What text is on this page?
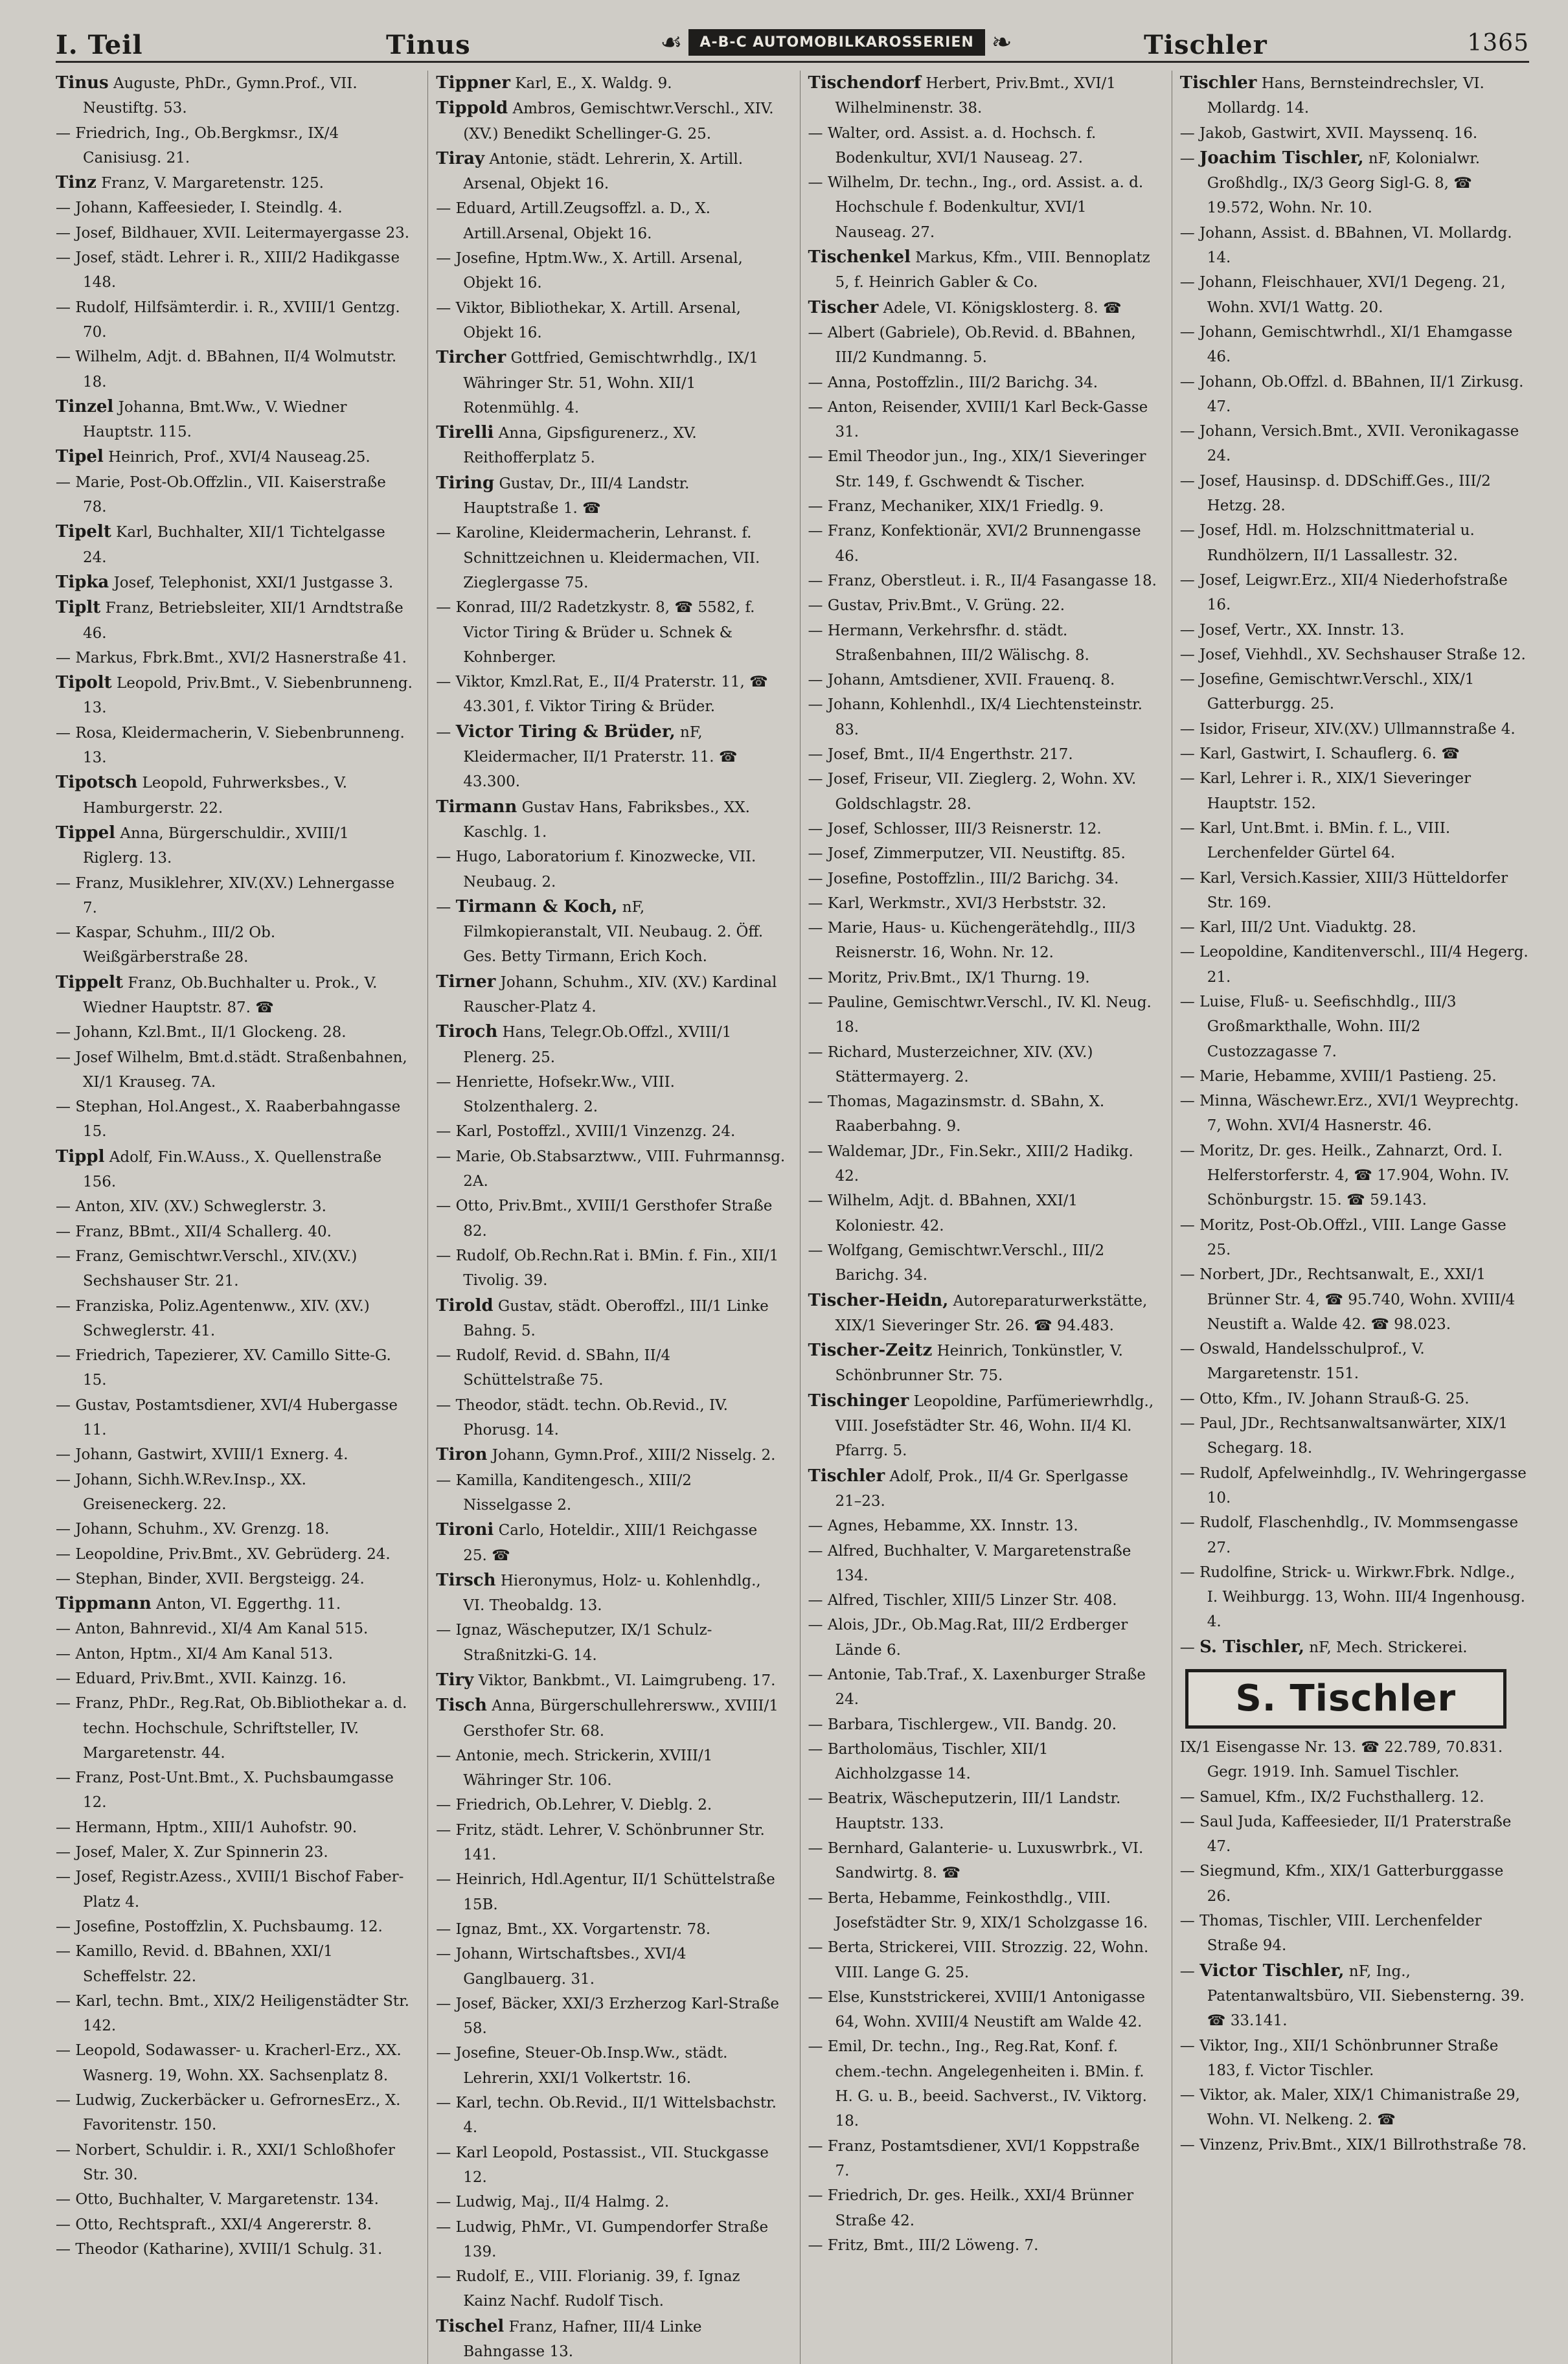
I. Teil	Tinus	☙	A-B-C AUTOMOBILKAROSSERIEN ❧	Tischler	1365
Tinus Auguste, PhDr., Gymn.Prof., VII. Neustiftg. 53.
— Friedrich, Ing., Ob.Bergkmsr., IX/4 Canisiusg. 21.
Tinz Franz, V. Margaretenstr. 125.
— Johann, Kaffeesieder, I. Steindlg. 4.
— Josef, Bildhauer, XVII. Leitermayergasse 23.
— Josef, städt. Lehrer i. R., XIII/2 Hadikgasse 148.
— Rudolf, Hilfsämterdir. i. R., XVIII/1 Gentzg. 70.
— Wilhelm, Adjt. d. BBahnen, II/4 Wolmutstr. 18.
Tinzel Johanna, Bmt.Ww., V. Wiedner Hauptstr. 115.
Tipel Heinrich, Prof., XVI/4 Nauseag.25.
— Marie, Post-Ob.Offzlin., VII. Kaiserstraße 78.
Tipelt Karl, Buchhalter, XII/1 Tichtelgasse 24.
Tipka Josef, Telephonist, XXI/1 Justgasse 3.
Tiplt Franz, Betriebsleiter, XII/1 Arndtstraße 46.
— Markus, Fbrk.Bmt., XVI/2 Hasnerstraße 41.
Tipolt Leopold, Priv.Bmt., V. Siebenbrunneng. 13.
— Rosa, Kleidermacherin, V. Siebenbrunneng. 13.
Tipotsch Leopold, Fuhrwerksbes., V. Hamburgerstr. 22.
Tippel Anna, Bürgerschuldir., XVIII/1 Riglerg. 13.
— Franz, Musiklehrer, XIV.(XV.) Lehnergasse 7.
— Kaspar, Schuhm., III/2 Ob. Weißgärberstraße 28.
Tippelt Franz, Ob.Buchhalter u. Prok., V. Wiedner Hauptstr. 87. ☎
— Johann, Kzl.Bmt., II/1 Glockeng. 28.
— Josef Wilhelm, Bmt.d.städt. Straßenbahnen, XI/1 Krauseg. 7A.
— Stephan, Hol.Angest., X. Raaberbahngasse 15.
Tippl Adolf, Fin.W.Auss., X. Quellenstraße 156.
— Anton, XIV. (XV.) Schweglerstr. 3.
— Franz, BBmt., XII/4 Schallerg. 40.
— Franz, Gemischtwr.Verschl., XIV.(XV.) Sechshauser Str. 21.
— Franziska, Poliz.Agentenww., XIV. (XV.) Schweglerstr. 41.
— Friedrich, Tapezierer, XV. Camillo Sitte-G. 15.
— Gustav, Postamtsdiener, XVI/4 Hubergasse 11.
— Johann, Gastwirt, XVIII/1 Exnerg. 4.
— Johann, Sichh.W.Rev.Insp., XX. Greiseneckerg. 22.
— Johann, Schuhm., XV. Grenzg. 18.
— Leopoldine, Priv.Bmt., XV. Gebrüderg. 24.
— Stephan, Binder, XVII. Bergsteigg. 24.
Tippmann Anton, VI. Eggerthg. 11.
— Anton, Bahnrevid., XI/4 Am Kanal 515.
— Anton, Hptm., XI/4 Am Kanal 513.
— Eduard, Priv.Bmt., XVII. Kainzg. 16.
— Franz, PhDr., Reg.Rat, Ob.Bibliothekar a. d. techn. Hochschule, Schriftsteller, IV. Margaretenstr. 44.
— Franz, Post-Unt.Bmt., X. Puchsbaumgasse 12.
— Hermann, Hptm., XIII/1 Auhofstr. 90.
— Josef, Maler, X. Zur Spinnerin 23.
— Josef, Registr.Azess., XVIII/1 Bischof Faber-Platz 4.
— Josefine, Postoffzlin, X. Puchsbaumg. 12.
— Kamillo, Revid. d. BBahnen, XXI/1 Scheffelstr. 22.
— Karl, techn. Bmt., XIX/2 Heiligenstädter Str. 142.
— Leopold, Sodawasser- u. Kracherl-Erz., XX. Wasnerg. 19, Wohn. XX. Sachsenplatz 8.
— Ludwig, Zuckerbäcker u. GefrornesErz., X. Favoritenstr. 150.
— Norbert, Schuldir. i. R., XXI/1 Schloßhofer Str. 30.
— Otto, Buchhalter, V. Margaretenstr. 134.
— Otto, Rechtspraft., XXI/4 Angererstr. 8.
— Theodor (Katharine), XVIII/1 Schulg. 31.
Tippner Karl, E., X. Waldg. 9.
Tippold Ambros, Gemischtwr.Verschl., XIV.(XV.) Benedikt Schellinger-G. 25.
Tiray Antonie, städt. Lehrerin, X. Artill. Arsenal, Objekt 16.
— Eduard, Artill.Zeugsoffzl. a. D., X. Artill.Arsenal, Objekt 16.
— Josefine, Hptm.Ww., X. Artill. Arsenal, Objekt 16.
— Viktor, Bibliothekar, X. Artill. Arsenal, Objekt 16.
Tircher Gottfried, Gemischtwrhdlg., IX/1 Währinger Str. 51, Wohn. XII/1 Rotenmühlg. 4.
Tirelli Anna, Gipsfigurenerz., XV. Reithofferplatz 5.
Tiring Gustav, Dr., III/4 Landstr. Hauptstraße 1. ☎
— Karoline, Kleidermacherin, Lehranst. f. Schnittzeichnen u. Kleidermachen, VII. Zieglergasse 75.
— Konrad, III/2 Radetzkystr. 8, ☎ 5582, f. Victor Tiring & Brüder u. Schnek & Kohnberger.
— Viktor, Kmzl.Rat, E., II/4 Praterstr. 11, ☎ 43.301, f. Viktor Tiring & Brüder.
— Victor Tiring & Brüder, nF, Kleidermacher, II/1 Praterstr. 11. ☎ 43.300.
Tirmann Gustav Hans, Fabriksbes., XX. Kaschlg. 1.
— Hugo, Laboratorium f. Kinozwecke, VII. Neubaug. 2.
— Tirmann & Koch, nF, Filmkopieranstalt, VII. Neubaug. 2. Öff. Ges. Betty Tirmann, Erich Koch.
Tirner Johann, Schuhm., XIV. (XV.) Kardinal Rauscher-Platz 4.
Tiroch Hans, Telegr.Ob.Offzl., XVIII/1 Plenerg. 25.
— Henriette, Hofsekr.Ww., VIII. Stolzenthalerg. 2.
— Karl, Postoffzl., XVIII/1 Vinzenzg. 24.
— Marie, Ob.Stabsarztww., VIII. Fuhrmannsg. 2A.
— Otto, Priv.Bmt., XVIII/1 Gersthofer Straße 82.
— Rudolf, Ob.Rechn.Rat i. BMin. f. Fin., XII/1 Tivolig. 39.
Tirold Gustav, städt. Oberoffzl., III/1 Linke Bahng. 5.
— Rudolf, Revid. d. SBahn, II/4 Schüttelstraße 75.
— Theodor, städt. techn. Ob.Revid., IV. Phorusg. 14.
Tiron Johann, Gymn.Prof., XIII/2 Nisselg. 2.
— Kamilla, Kanditengesch., XIII/2 Nisselgasse 2.
Tironi Carlo, Hoteldir., XIII/1 Reichgasse 25. ☎
Tirsch Hieronymus, Holz- u. Kohlenhdlg., VI. Theobaldg. 13.
— Ignaz, Wäscheputzer, IX/1 Schulz-Straßnitzki-G. 14.
Tiry Viktor, Bankbmt., VI. Laimgrubeng. 17.
Tisch Anna, Bürgerschullehrersww., XVIII/1 Gersthofer Str. 68.
— Antonie, mech. Strickerin, XVIII/1 Währinger Str. 106.
— Friedrich, Ob.Lehrer, V. Dieblg. 2.
— Fritz, städt. Lehrer, V. Schönbrunner Str. 141.
— Heinrich, Hdl.Agentur, II/1 Schüttelstraße 15B.
— Ignaz, Bmt., XX. Vorgartenstr. 78.
— Johann, Wirtschaftsbes., XVI/4 Ganglbauerg. 31.
— Josef, Bäcker, XXI/3 Erzherzog Karl-Straße 58.
— Josefine, Steuer-Ob.Insp.Ww., städt. Lehrerin, XXI/1 Volkertstr. 16.
— Karl, techn. Ob.Revid., II/1 Wittelsbachstr. 4.
— Karl Leopold, Postassist., VII. Stuckgasse 12.
— Ludwig, Maj., II/4 Halmg. 2.
— Ludwig, PhMr., VI. Gumpendorfer Straße 139.
— Rudolf, E., VIII. Florianig. 39, f. Ignaz Kainz Nachf. Rudolf Tisch.
Tischel Franz, Hafner, III/4 Linke Bahngasse 13.
Tischendorf Herbert, Priv.Bmt., XVI/1 Wilhelminenstr. 38.
— Walter, ord. Assist. a. d. Hochsch. f. Bodenkultur, XVI/1 Nauseag. 27.
— Wilhelm, Dr. techn., Ing., ord. Assist. a. d. Hochschule f. Bodenkultur, XVI/1 Nauseag. 27.
Tischenkel Markus, Kfm., VIII. Bennoplatz 5, f. Heinrich Gabler & Co.
Tischer Adele, VI. Königsklosterg. 8. ☎
— Albert (Gabriele), Ob.Revid. d. BBahnen, III/2 Kundmanng. 5.
— Anna, Postoffzlin., III/2 Barichg. 34.
— Anton, Reisender, XVIII/1 Karl Beck-Gasse 31.
— Emil Theodor jun., Ing., XIX/1 Sieveringer Str. 149, f. Gschwendt & Tischer.
— Franz, Mechaniker, XIX/1 Friedlg. 9.
— Franz, Konfektionär, XVI/2 Brunnengasse 46.
— Franz, Oberstleut. i. R., II/4 Fasangasse 18.
— Gustav, Priv.Bmt., V. Grüng. 22.
— Hermann, Verkehrsfhr. d. städt. Straßenbahnen, III/2 Wälischg. 8.
— Johann, Amtsdiener, XVII. Frauenq. 8.
— Johann, Kohlenhdl., IX/4 Liechtensteinstr. 83.
— Josef, Bmt., II/4 Engerthstr. 217.
— Josef, Friseur, VII. Zieglerg. 2, Wohn. XV. Goldschlagstr. 28.
— Josef, Schlosser, III/3 Reisnerstr. 12.
— Josef, Zimmerputzer, VII. Neustiftg. 85.
— Josefine, Postoffzlin., III/2 Barichg. 34.
— Karl, Werkmstr., XVI/3 Herbststr. 32.
— Marie, Haus- u. Küchengerätehdlg., III/3 Reisnerstr. 16, Wohn. Nr. 12.
— Moritz, Priv.Bmt., IX/1 Thurng. 19.
— Pauline, Gemischtwr.Verschl., IV. Kl. Neug. 18.
— Richard, Musterzeichner, XIV. (XV.) Stättermayerg. 2.
— Thomas, Magazinsmstr. d. SBahn, X. Raaberbahng. 9.
— Waldemar, JDr., Fin.Sekr., XIII/2 Hadikg. 42.
— Wilhelm, Adjt. d. BBahnen, XXI/1 Koloniestr. 42.
— Wolfgang, Gemischtwr.Verschl., III/2 Barichg. 34.
Tischer-Heidn, Autoreparaturwerkstätte, XIX/1 Sieveringer Str. 26. ☎ 94.483.
Tischer-Zeitz Heinrich, Tonkünstler, V. Schönbrunner Str. 75.
Tischinger Leopoldine, Parfümeriewrhdlg., VIII. Josefstädter Str. 46, Wohn. II/4 Kl. Pfarrg. 5.
Tischler Adolf, Prok., II/4 Gr. Sperlgasse 21–23.
— Agnes, Hebamme, XX. Innstr. 13.
— Alfred, Buchhalter, V. Margaretenstraße 134.
— Alfred, Tischler, XIII/5 Linzer Str. 408.
— Alois, JDr., Ob.Mag.Rat, III/2 Erdberger Lände 6.
— Antonie, Tab.Traf., X. Laxenburger Straße 24.
— Barbara, Tischlergew., VII. Bandg. 20.
— Bartholomäus, Tischler, XII/1 Aichholzgasse 14.
— Beatrix, Wäscheputzerin, III/1 Landstr. Hauptstr. 133.
— Bernhard, Galanterie- u. Luxuswrbrk., VI. Sandwirtg. 8. ☎
— Berta, Hebamme, Feinkosthdlg., VIII. Josefstädter Str. 9, XIX/1 Scholzgasse 16.
— Berta, Strickerei, VIII. Strozzig. 22, Wohn. VIII. Lange G. 25.
— Else, Kunststrickerei, XVIII/1 Antonigasse 64, Wohn. XVIII/4 Neustift am Walde 42.
— Emil, Dr. techn., Ing., Reg.Rat, Konf. f. chem.-techn. Angelegenheiten i. BMin. f. H. G. u. B., beeid. Sachverst., IV. Viktorg. 18.
— Franz, Postamtsdiener, XVI/1 Koppstraße 7.
— Friedrich, Dr. ges. Heilk., XXI/4 Brünner Straße 42.
— Fritz, Bmt., III/2 Löweng. 7.
Tischler Hans, Bernsteindrechsler, VI. Mollardg. 14.
— Jakob, Gastwirt, XVII. Mayssenq. 16.
— Joachim Tischler, nF, Kolonialwr. Großhdlg., IX/3 Georg Sigl-G. 8, ☎ 19.572, Wohn. Nr. 10.
— Johann, Assist. d. BBahnen, VI. Mollardg. 14.
— Johann, Fleischhauer, XVI/1 Degeng. 21, Wohn. XVI/1 Wattg. 20.
— Johann, Gemischtwrhdl., XI/1 Ehamgasse 46.
— Johann, Ob.Offzl. d. BBahnen, II/1 Zirkusg. 47.
— Johann, Versich.Bmt., XVII. Veronikagasse 24.
— Josef, Hausinsp. d. DDSchiff.Ges., III/2 Hetzg. 28.
— Josef, Hdl. m. Holzschnittmaterial u. Rundhölzern, II/1 Lassallestr. 32.
— Josef, Leigwr.Erz., XII/4 Niederhofstraße 16.
— Josef, Vertr., XX. Innstr. 13.
— Josef, Viehhdl., XV. Sechshauser Straße 12.
— Josefine, Gemischtwr.Verschl., XIX/1 Gatterburgg. 25.
— Isidor, Friseur, XIV.(XV.) Ullmannstraße 4.
— Karl, Gastwirt, I. Schauflerg. 6. ☎
— Karl, Lehrer i. R., XIX/1 Sieveringer Hauptstr. 152.
— Karl, Unt.Bmt. i. BMin. f. L., VIII. Lerchenfelder Gürtel 64.
— Karl, Versich.Kassier, XIII/3 Hütteldorfer Str. 169.
— Karl, III/2 Unt. Viaduktg. 28.
— Leopoldine, Kanditenverschl., III/4 Hegerg. 21.
— Luise, Fluß- u. Seefischhdlg., III/3 Großmarkthalle, Wohn. III/2 Custozzagasse 7.
— Marie, Hebamme, XVIII/1 Pastieng. 25.
— Minna, Wäschewr.Erz., XVI/1 Weyprechtg. 7, Wohn. XVI/4 Hasnerstr. 46.
— Moritz, Dr. ges. Heilk., Zahnarzt, Ord. I. Helferstorferstr. 4, ☎ 17.904, Wohn. IV. Schönburgstr. 15. ☎ 59.143.
— Moritz, Post-Ob.Offzl., VIII. Lange Gasse 25.
— Norbert, JDr., Rechtsanwalt, E., XXI/1 Brünner Str. 4, ☎ 95.740, Wohn. XVIII/4 Neustift a. Walde 42. ☎ 98.023.
— Oswald, Handelsschulprof., V. Margaretenstr. 151.
— Otto, Kfm., IV. Johann Strauß-G. 25.
— Paul, JDr., Rechtsanwaltsanwärter, XIX/1 Schegarg. 18.
— Rudolf, Apfelweinhdlg., IV. Wehringergasse 10.
— Rudolf, Flaschenhdlg., IV. Mommsengasse 27.
— Rudolfine, Strick- u. Wirkwr.Fbrk. Ndlge., I. Weihburgg. 13, Wohn. III/4 Ingenhousg. 4.
— S. Tischler, nF, Mech. Strickerei.
S. Tischler
IX/1 Eisengasse Nr. 13. ☎ 22.789, 70.831. Gegr. 1919. Inh. Samuel Tischler.
— Samuel, Kfm., IX/2 Fuchsthallerg. 12.
— Saul Juda, Kaffeesieder, II/1 Praterstraße 47.
— Siegmund, Kfm., XIX/1 Gatterburggasse 26.
— Thomas, Tischler, VIII. Lerchenfelder Straße 94.
— Victor Tischler, nF, Ing., Patentanwaltsbüro, VII. Siebensterng. 39. ☎ 33.141.
— Viktor, Ing., XII/1 Schönbrunner Straße 183, f. Victor Tischler.
— Viktor, ak. Maler, XIX/1 Chimanistraße 29, Wohn. VI. Nelkeng. 2. ☎
— Vinzenz, Priv.Bmt., XIX/1 Billrothstraße 78.
